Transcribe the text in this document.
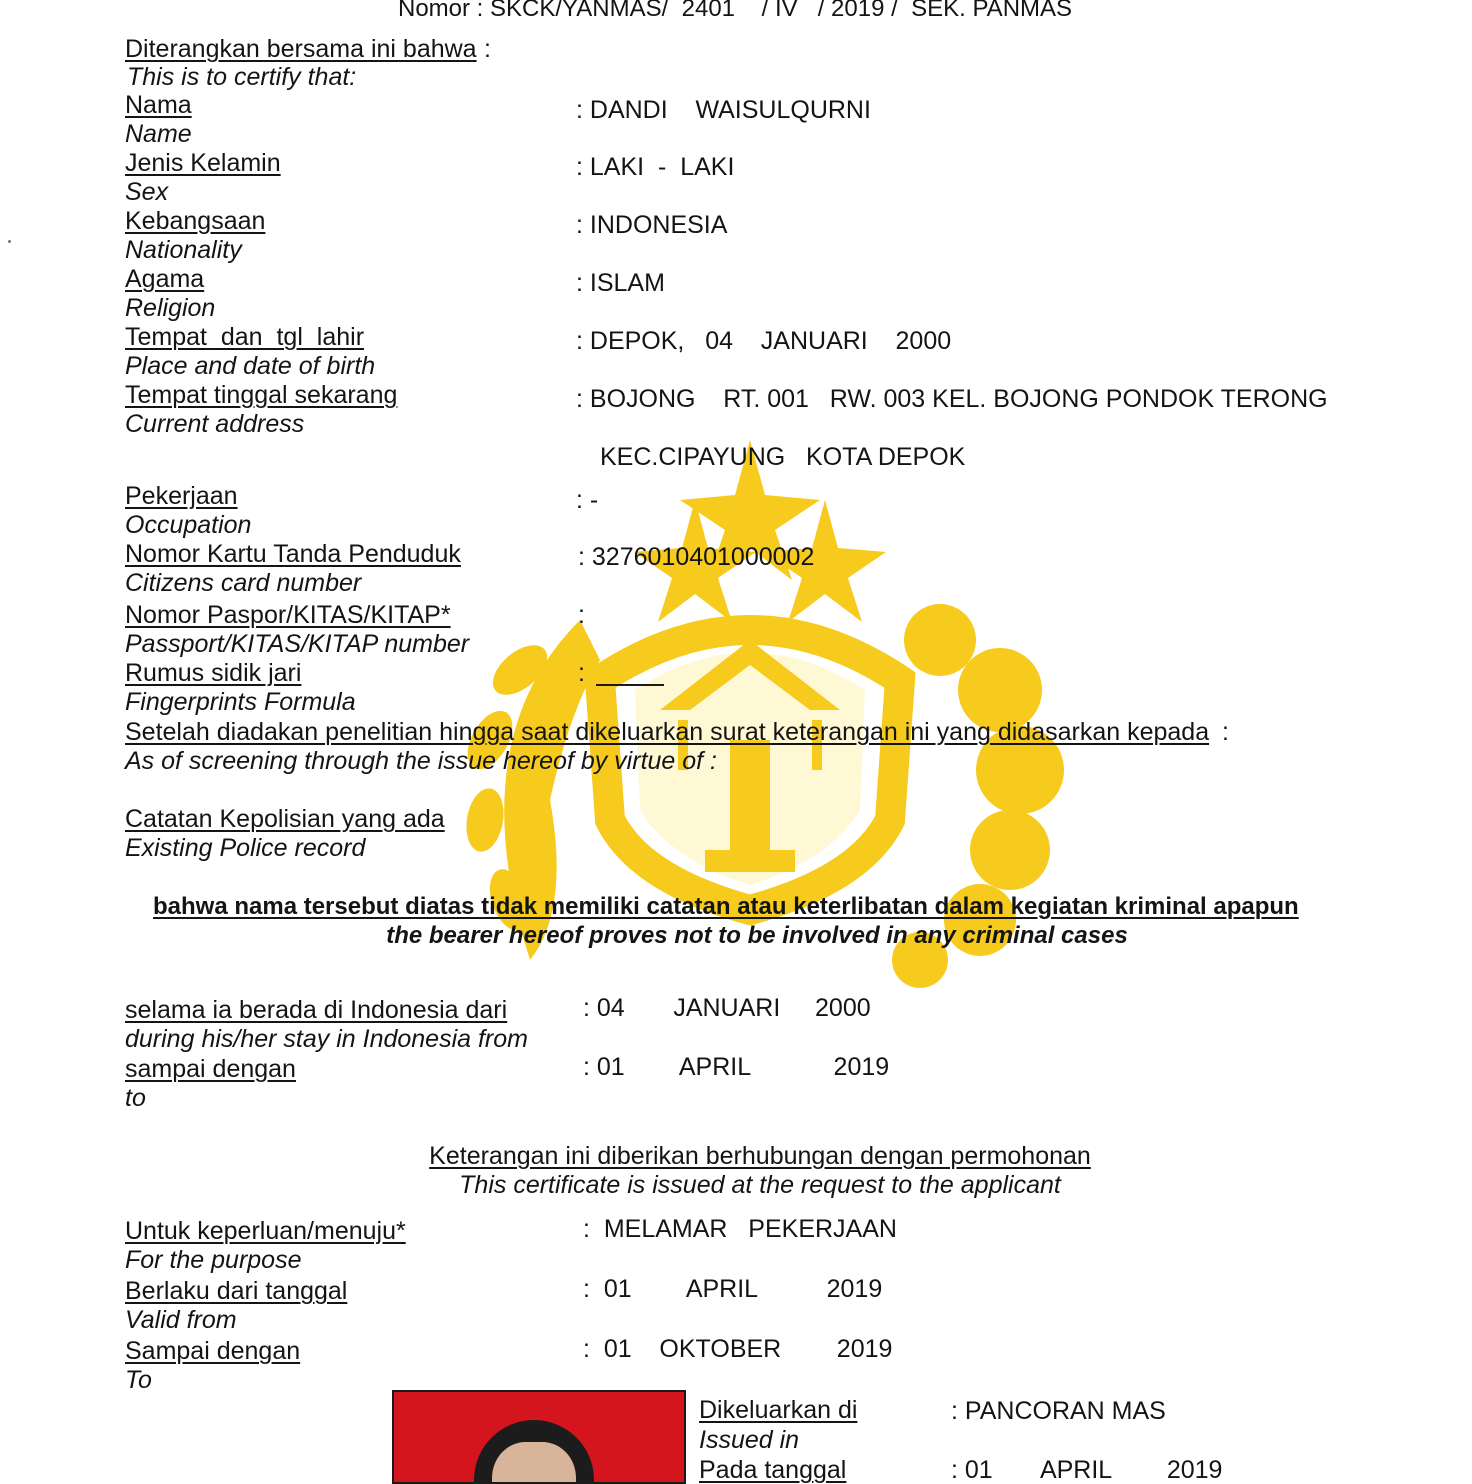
Nomor : SKCK/YANMAS/  2401    / IV   / 2019 /  SEK. PANMAS
Diterangkan bersama ini bahwa :
This is to certify that:
Nama
Name
: DANDI    WAISULQURNI
Jenis Kelamin
Sex
: LAKI  -  LAKI
Kebangsaan
Nationality
: INDONESIA
Agama
Religion
: ISLAM
Tempat  dan  tgl  lahir
Place and date of birth
: DEPOK,   04    JANUARI    2000
Tempat tinggal sekarang
Current address
: BOJONG    RT. 001   RW. 003 KEL. BOJONG PONDOK TERONG
KEC.CIPAYUNG   KOTA DEPOK
Pekerjaan
Occupation
: -
Nomor Kartu Tanda Penduduk
Citizens card number
: 3276010401000002
Nomor Paspor/KITAS/KITAP*
Passport/KITAS/KITAP number
:
Rumus sidik jari
Fingerprints Formula
:
Setelah diadakan penelitian hingga saat dikeluarkan surat keterangan ini yang didasarkan kepada :
As of screening through the issue hereof by virtue of :
Catatan Kepolisian yang ada
Existing Police record
bahwa nama tersebut diatas tidak memiliki catatan atau keterlibatan dalam kegiatan kriminal apapun
the bearer hereof proves not to be involved in any criminal cases
selama ia berada di Indonesia dari
during his/her stay in Indonesia from
: 04       JANUARI     2000
sampai dengan
to
: 01        APRIL            2019
Keterangan ini diberikan berhubungan dengan permohonan
This certificate is issued at the request to the applicant
Untuk keperluan/menuju*
For the purpose
:  MELAMAR   PEKERJAAN
Berlaku dari tanggal
Valid from
:  01        APRIL          2019
Sampai dengan
To
:  01    OKTOBER        2019
Dikeluarkan di
Issued in
: PANCORAN MAS
Pada tanggal	: 01       APRIL        2019
